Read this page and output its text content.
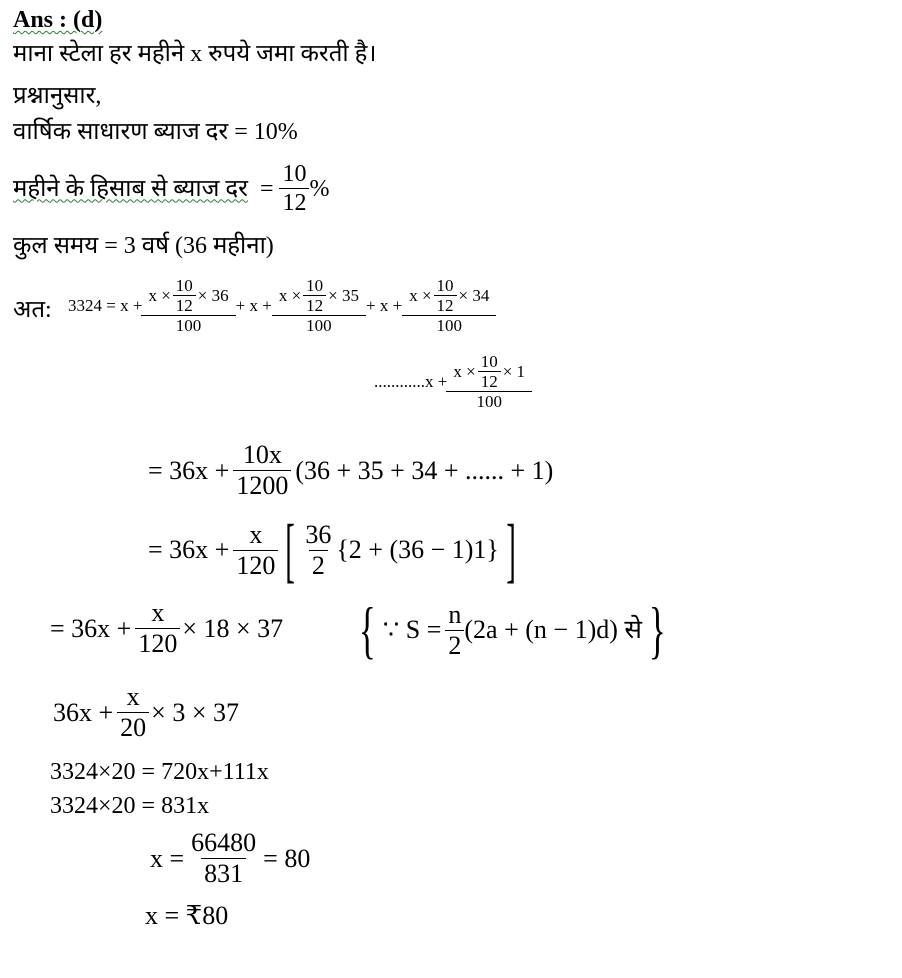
Ans : (d)
माना स्टेला हर महीने x रुपये जमा करती है।
प्रश्नानुसार,
वार्षिक साधारण ब्याज दर = 10%
महीने के हिसाब से ब्याज दर = $\frac{10}{12}$ %
कुल समय = 3 वर्ष (36 महीना)
अत: $3324 = x + \frac{x \times \frac{10}{12} \times 36}{100} + x + \frac{x \times \frac{10}{12} \times 35}{100} + x + \frac{x \times \frac{10}{12} \times 34}{100}$
$............x + \frac{x \times \frac{10}{12} \times 1}{100}$
= $36x + \frac{10x}{1200} (36 + 35 + 34$ + ...... + 1)
= $36x + \frac{x}{120}$ [ $\frac{36}{2} \{2 + (36 - 1)1\}$ ]
= $36x + \frac{x}{120} \times 18 \times 37$ { ∵ $S = \frac{n}{2} (2a + (n - 1)d)$ से }
$36x + \frac{x}{20} \times 3 \times 37$
3324×20 = 720x+111x
3324×20 = 831x
$x = \frac{66480}{831} = 80$
x = ₹80
